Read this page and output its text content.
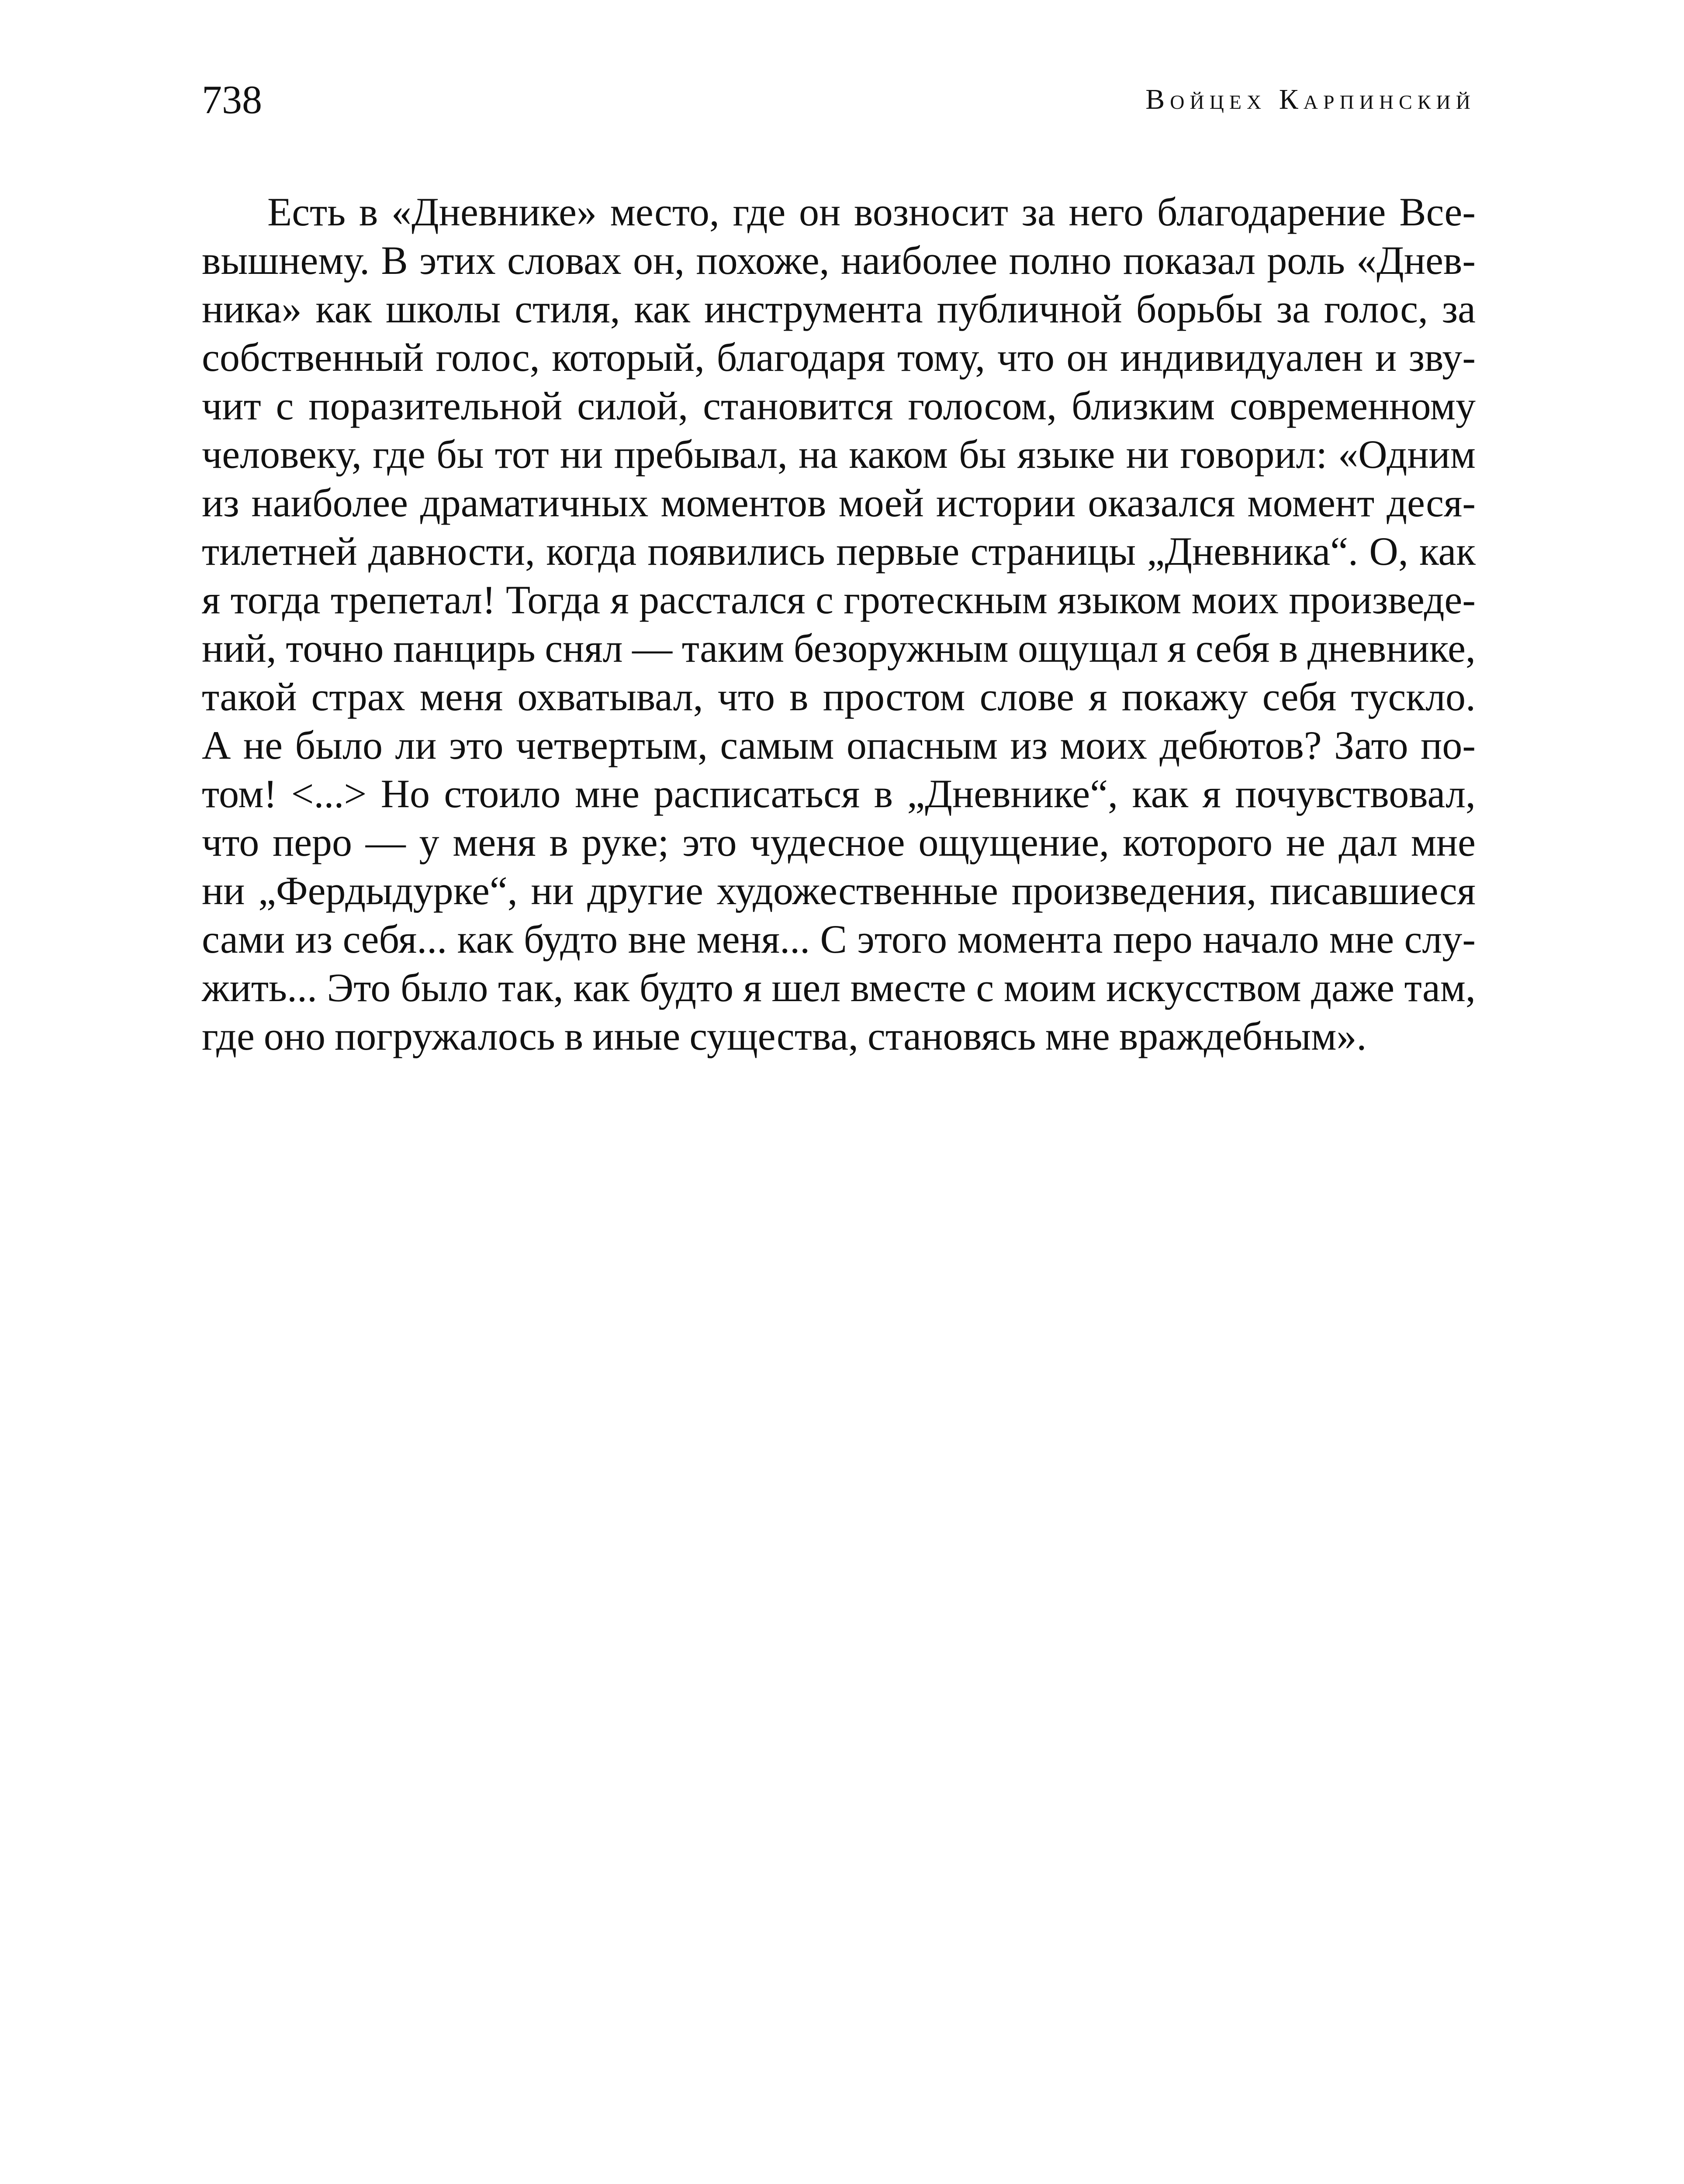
738	Войцех Карпинский
Есть в «Дневнике» место, где он возносит за него благодарение Все-
вышнему. В этих словах он, похоже, наиболее полно показал роль «Днев-
ника» как школы стиля, как инструмента публичной борьбы за голос, за
собственный голос, который, благодаря тому, что он индивидуален и зву-
чит с поразительной силой, становится голосом, близким современному
человеку, где бы тот ни пребывал, на каком бы языке ни говорил: «Одним
из наиболее драматичных моментов моей истории оказался момент деся-
тилетней давности, когда появились первые страницы „Дневника“. О, как
я тогда трепетал! Тогда я расстался с гротескным языком моих произведе-
ний, точно панцирь снял — таким безоружным ощущал я себя в дневнике,
такой страх меня охватывал, что в простом слове я покажу себя тускло.
А не было ли это четвертым, самым опасным из моих дебютов? Зато по-
том! <...> Но стоило мне расписаться в „Дневнике“, как я почувствовал,
что перо — у меня в руке; это чудесное ощущение, которого не дал мне
ни „Фердыдурке“, ни другие художественные произведения, писавшиеся
сами из себя... как будто вне меня... С этого момента перо начало мне слу-
жить... Это было так, как будто я шел вместе с моим искусством даже там,
где оно погружалось в иные существа, становясь мне враждебным».
